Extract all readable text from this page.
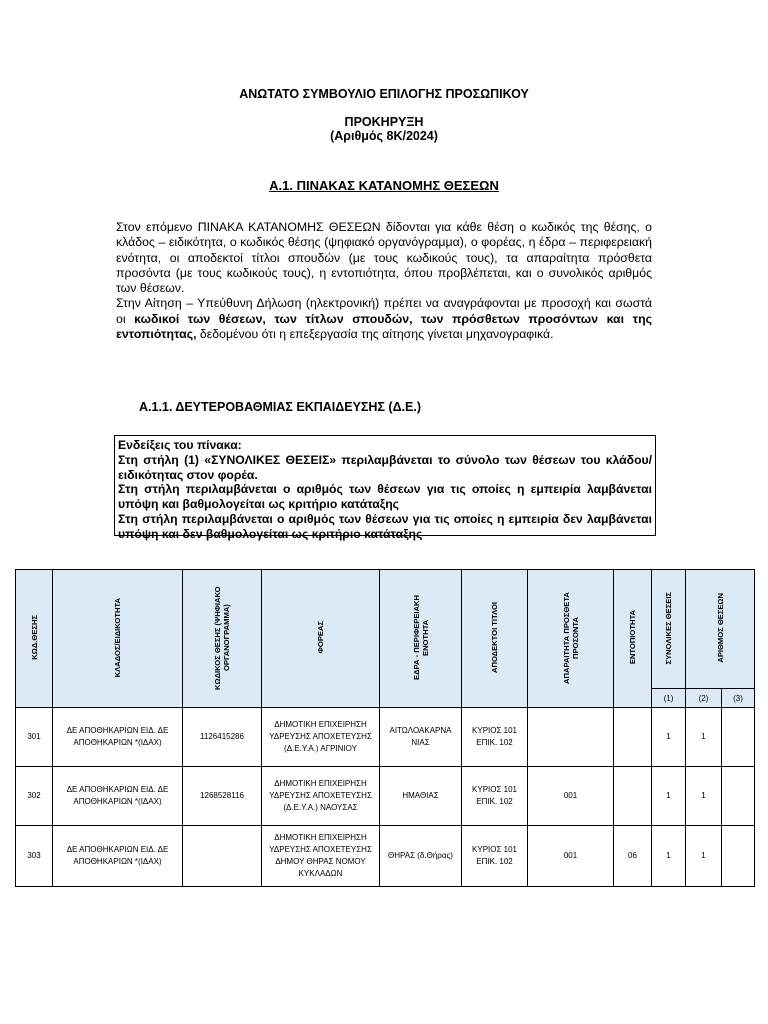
ΑΝΩΤΑΤΟ ΣΥΜΒΟΥΛΙΟ ΕΠΙΛΟΓΗΣ ΠΡΟΣΩΠΙΚΟΥ
ΠΡΟΚΗΡΥΞΗ
(Αριθμός 8Κ/2024)
Α.1. ΠΙΝΑΚΑΣ ΚΑΤΑΝΟΜΗΣ ΘΕΣΕΩΝ

Στον επόμενο ΠΙΝΑΚΑ ΚΑΤΑΝΟΜΗΣ ΘΕΣΕΩΝ δίδονται για κάθε θέση ο κωδικός της θέσης, ο κλάδος – ειδικότητα, ο κωδικός θέσης (ψηφιακό οργανόγραμμα), ο φορέας, η έδρα – περιφερειακή ενότητα, οι αποδεκτοί τίτλοι σπουδών (με τους κωδικούς τους), τα απαραίτητα πρόσθετα προσόντα (με τους κωδικούς τους), η εντοπιότητα, όπου προβλέπεται, και ο συνολικός αριθμός των θέσεων.

Στην Αίτηση – Υπεύθυνη Δήλωση (ηλεκτρονική) πρέπει να αναγράφονται με προσοχή και σωστά οι κωδικοί των θέσεων, των τίτλων σπουδών, των πρόσθετων προσόντων και της εντοπιότητας, δεδομένου ότι η επεξεργασία της αίτησης γίνεται μηχανογραφικά.

Α.1.1. ΔΕΥΤΕΡΟΒΑΘΜΙΑΣ ΕΚΠΑΙΔΕΥΣΗΣ (Δ.Ε.)

Ενδείξεις του πίνακα:

Στη στήλη (1) «ΣΥΝΟΛΙΚΕΣ ΘΕΣΕΙΣ» περιλαμβάνεται το σύνολο των θέσεων του κλάδου/ειδικότητας στον φορέα.

Στη στήλη περιλαμβάνεται ο αριθμός των θέσεων για τις οποίες η εμπειρία λαμβάνεται υπόψη και βαθμολογείται ως κριτήριο κατάταξης

Στη στήλη περιλαμβάνεται ο αριθμός των θέσεων για τις οποίες η εμπειρία δεν λαμβάνεται υπόψη και δεν βαθμολογείται ως κριτήριο κατάταξης

ΚΩΔ.ΘΕΣΗΣ	ΚΛΑΔΟΣ/ΕΙΔΙΚΟΤΗΤΑ	ΚΩΔΙΚΟΣ ΘΕΣΗΣ (ΨΗΦΙΑΚΟ ΟΡΓΑΝΟΓΡΑΜΜΑ)	ΦΟΡΕΑΣ	ΕΔΡΑ - ΠΕΡΙΦΕΡΕΙΑΚΗ ΕΝΟΤΗΤΑ	ΑΠΟΔΕΚΤΟΙ ΤΙΤΛΟΙ	ΑΠΑΡΑΙΤΗΤΑ ΠΡΟΣΘΕΤΑ ΠΡΟΣΟΝΤΑ	ΕΝΤΟΠΙΟΤΗΤΑ	ΣΥΝΟΛΙΚΕΣ ΘΕΣΕΙΣ	ΑΡΙΘΜΟΣ ΘΕΣΕΩΝ	
								(1)	(2)	(3)
301	ΔΕ ΑΠΟΘΗΚΑΡΙΩΝ ΕΙΔ. ΔΕ ΑΠΟΘΗΚΑΡΙΩΝ *(ΙΔΑΧ)	1126415286	ΔΗΜΟΤΙΚΗ ΕΠΙΧΕΙΡΗΣΗ ΥΔΡΕΥΣΗΣ ΑΠΟΧΕΤΕΥΣΗΣ (Δ.Ε.Υ.Α.) ΑΓΡΙΝΙΟΥ	ΑΙΤΩΛΟΑΚΑΡΝΑ ΝΙΑΣ	ΚΥΡΙΟΣ 101 ΕΠΙΚ. 102			1	1	
302	ΔΕ ΑΠΟΘΗΚΑΡΙΩΝ ΕΙΔ. ΔΕ ΑΠΟΘΗΚΑΡΙΩΝ *(ΙΔΑΧ)	1268528116	ΔΗΜΟΤΙΚΗ ΕΠΙΧΕΙΡΗΣΗ ΥΔΡΕΥΣΗΣ ΑΠΟΧΕΤΕΥΣΗΣ (Δ.Ε.Υ.Α.) ΝΑΟΥΣΑΣ	ΗΜΑΘΙΑΣ	ΚΥΡΙΟΣ 101 ΕΠΙΚ. 102	001		1	1	
303	ΔΕ ΑΠΟΘΗΚΑΡΙΩΝ ΕΙΔ. ΔΕ ΑΠΟΘΗΚΑΡΙΩΝ *(ΙΔΑΧ)		ΔΗΜΟΤΙΚΗ ΕΠΙΧΕΙΡΗΣΗ ΥΔΡΕΥΣΗΣ ΑΠΟΧΕΤΕΥΣΗΣ ΔΗΜΟΥ ΘΗΡΑΣ ΝΟΜΟΥ ΚΥΚΛΑΔΩΝ	ΘΗΡΑΣ (δ.Θήρας)	ΚΥΡΙΟΣ 101 ΕΠΙΚ. 102	001	06	1	1	
